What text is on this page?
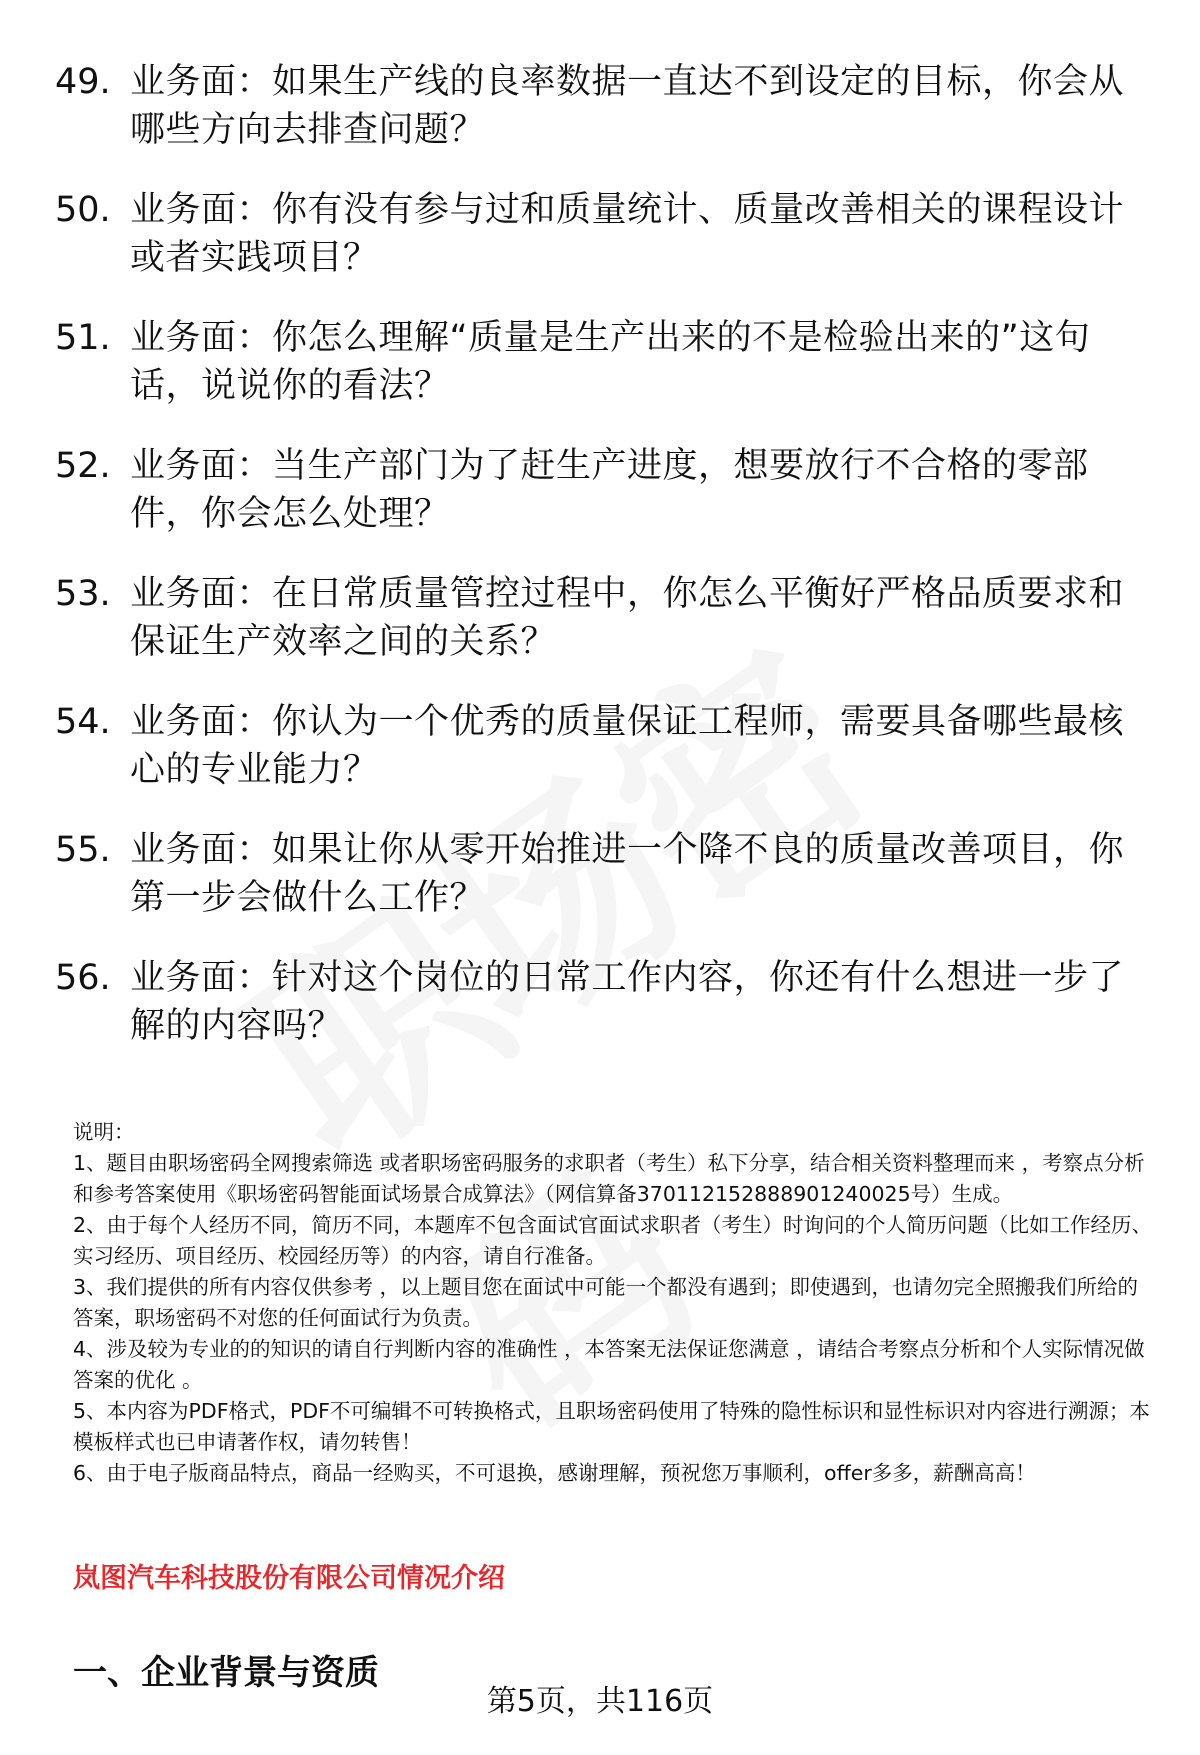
49. 业务面：如果生产线的良率数据一直达不到设定的目标，你会从哪些方向去排查问题？
50. 业务面：你有没有参与过和质量统计、质量改善相关的课程设计或者实践项目？
51. 业务面：你怎么理解“质量是生产出来的不是检验出来的”这句话，说说你的看法？
52. 业务面：当生产部门为了赶生产进度，想要放行不合格的零部件，你会怎么处理？
53. 业务面：在日常质量管控过程中，你怎么平衡好严格品质要求和保证生产效率之间的关系？
54. 业务面：你认为一个优秀的质量保证工程师，需要具备哪些最核心的专业能力？
55. 业务面：如果让你从零开始推进一个降不良的质量改善项目，你第一步会做什么工作？
56. 业务面：针对这个岗位的日常工作内容，你还有什么想进一步了解的内容吗？

说明：

1、题目由职场密码全网搜索筛选 或者职场密码服务的求职者（考生）私下分享，结合相关资料整理而来 ，考察点分析和参考答案使用《职场密码智能面试场景合成算法》（网信算备370112152888901240025号）生成。

2、由于每个人经历不同，简历不同，本题库不包含面试官面试求职者（考生）时询问的个人简历问题（比如工作经历、实习经历、项目经历、校园经历等）的内容，请自行准备。

3、我们提供的所有内容仅供参考 ，以上题目您在面试中可能一个都没有遇到；即使遇到，也请勿完全照搬我们所给的答案，职场密码不对您的任何面试行为负责。

4、涉及较为专业的的知识的请自行判断内容的准确性 ，本答案无法保证您满意 ，请结合考察点分析和个人实际情况做答案的优化 。

5、本内容为PDF格式，PDF不可编辑不可转换格式，且职场密码使用了特殊的隐性标识和显性标识对内容进行溯源；本模板样式也已申请著作权，请勿转售！

6、由于电子版商品特点，商品一经购买，不可退换，感谢理解，预祝您万事顺利，offer多多，薪酬高高！

岚图汽车科技股份有限公司情况介绍
一、企业背景与资质
第5页，共116页
